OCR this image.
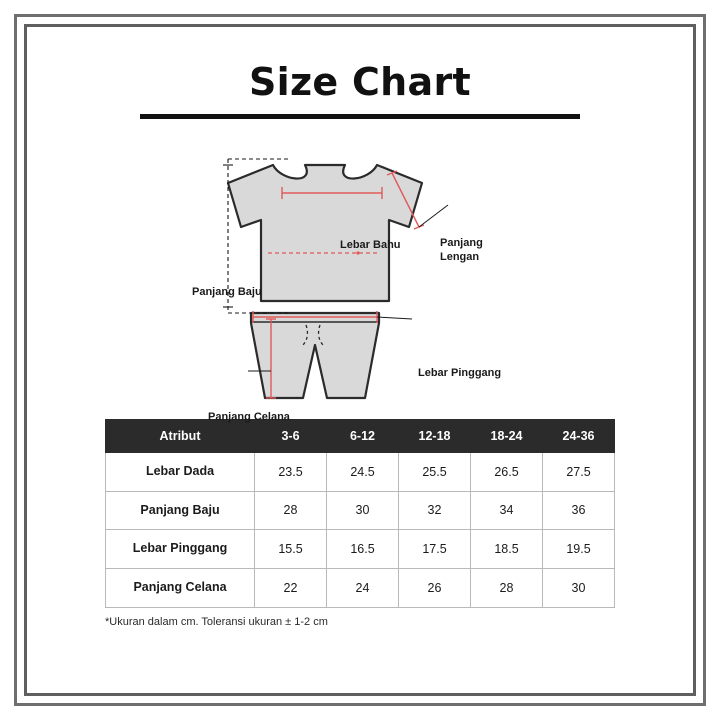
Size Chart
Panjang Baju
Lebar Bahu	Panjang
Lengan
Lebar Pinggang
Panjang Celana
Atribut	3-6	6-12	12-18	18-24	24-36
Lebar Dada	23.5	24.5	25.5	26.5	27.5
Panjang Baju	28	30	32	34	36
Lebar Pinggang	15.5	16.5	17.5	18.5	19.5
Panjang Celana	22	24	26	28	30
*Ukuran dalam cm. Toleransi ukuran ± 1-2 cm
